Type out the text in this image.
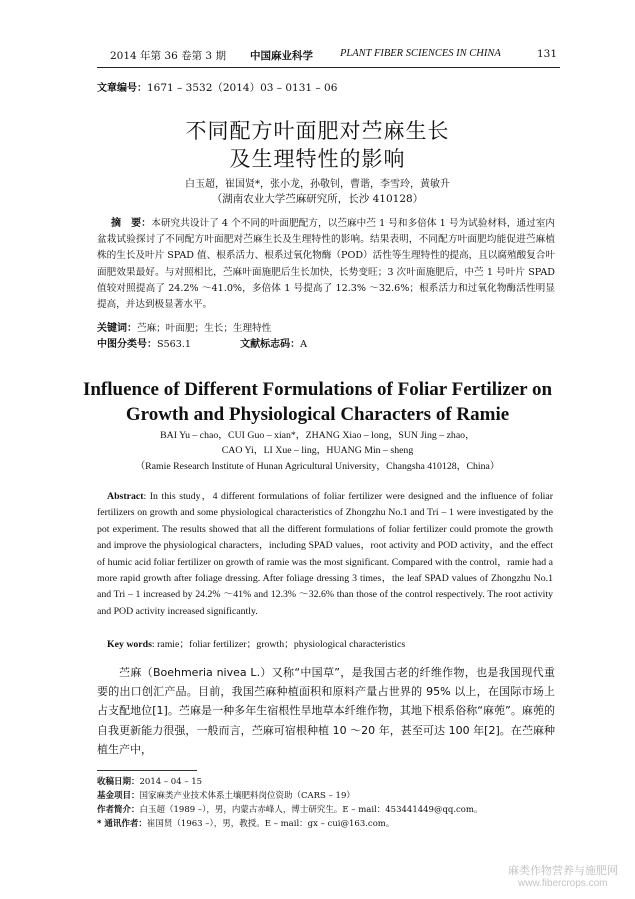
2014 年第 36 卷第 3 期 中国麻业科学	PLANT FIBER SCIENCES IN CHINA	131
文章编号：1671 – 3532（2014）03 – 0131 – 06
不同配方叶面肥对苎麻生长
及生理特性的影响
白玉超，崔国贤*，张小龙，孙敬钊，曹谐，李雪玲，黄敏升
（湖南农业大学苎麻研究所，长沙 410128）
摘　要：本研究共设计了 4 个不同的叶面肥配方，以苎麻中苎 1 号和多倍体 1 号为试验材料，通过室内盆栽试验探讨了不同配方叶面肥对苎麻生长及生理特性的影响。结果表明，不同配方叶面肥均能促进苎麻植株的生长及叶片 SPAD 值、根系活力、根系过氧化物酶（POD）活性等生理特性的提高，且以腐殖酸复合叶面肥效果最好。与对照相比，苎麻叶面施肥后生长加快，长势变旺；3 次叶面施肥后，中苎 1 号叶片 SPAD 值较对照提高了 24.2% ～41.0%，多倍体 1 号提高了 12.3% ～32.6%；根系活力和过氧化物酶活性明显提高，并达到极显著水平。
关键词：苎麻；叶面肥；生长；生理特性
中图分类号：S563.1	文献标志码：A
Influence of Different Formulations of Foliar Fertilizer on
Growth and Physiological Characters of Ramie
BAI Yu – chao，CUI Guo – xian*，ZHANG Xiao – long，SUN Jing – zhao，
CAO Yi，LI Xue – ling，HUANG Min – sheng
（Ramie Research Institute of Hunan Agricultural University，Changsha 410128，China）
Abstract: In this study，4 different formulations of foliar fertilizer were designed and the influence of foliar fertilizers on growth and some physiological characteristics of Zhongzhu No.1 and Tri – 1 were investigated by the pot experiment. The results showed that all the different formulations of foliar fertilizer could promote the growth and improve the physiological characters，including SPAD values，root activity and POD activity，and the effect of humic acid foliar fertilizer on growth of ramie was the most significant. Compared with the control，ramie had a more rapid growth after foliage dressing. After foliage dressing 3 times，the leaf SPAD values of Zhongzhu No.1 and Tri – 1 increased by 24.2% ～41% and 12.3% ～32.6% than those of the control respectively. The root activity and POD activity increased significantly.
Key words: ramie；foliar fertilizer；growth；physiological characteristics
苎麻（Boehmeria nivea L.）又称“中国草”，是我国古老的纤维作物，也是我国现代重要的出口创汇产品。目前，我国苎麻种植面积和原料产量占世界的 95% 以上，在国际市场上占支配地位[1]。苎麻是一种多年生宿根性旱地草本纤维作物，其地下根系俗称“麻蔸”。麻蔸的自我更新能力很强，一般而言，苎麻可宿根种植 10 ～20 年，甚至可达 100 年[2]。在苎麻种植生产中，
收稿日期：2014 – 04 – 15
基金项目：国家麻类产业技术体系土壤肥料岗位资助（CARS – 19）
作者简介：白玉超（1989 –），男，内蒙古赤峰人，博士研究生。E – mail：453441449@qq.com。
* 通讯作者：崔国贤（1963 –），男，教授。E – mail：gx – cui@163.com。
麻类作物营养与施肥网
www.fibercrops.com
